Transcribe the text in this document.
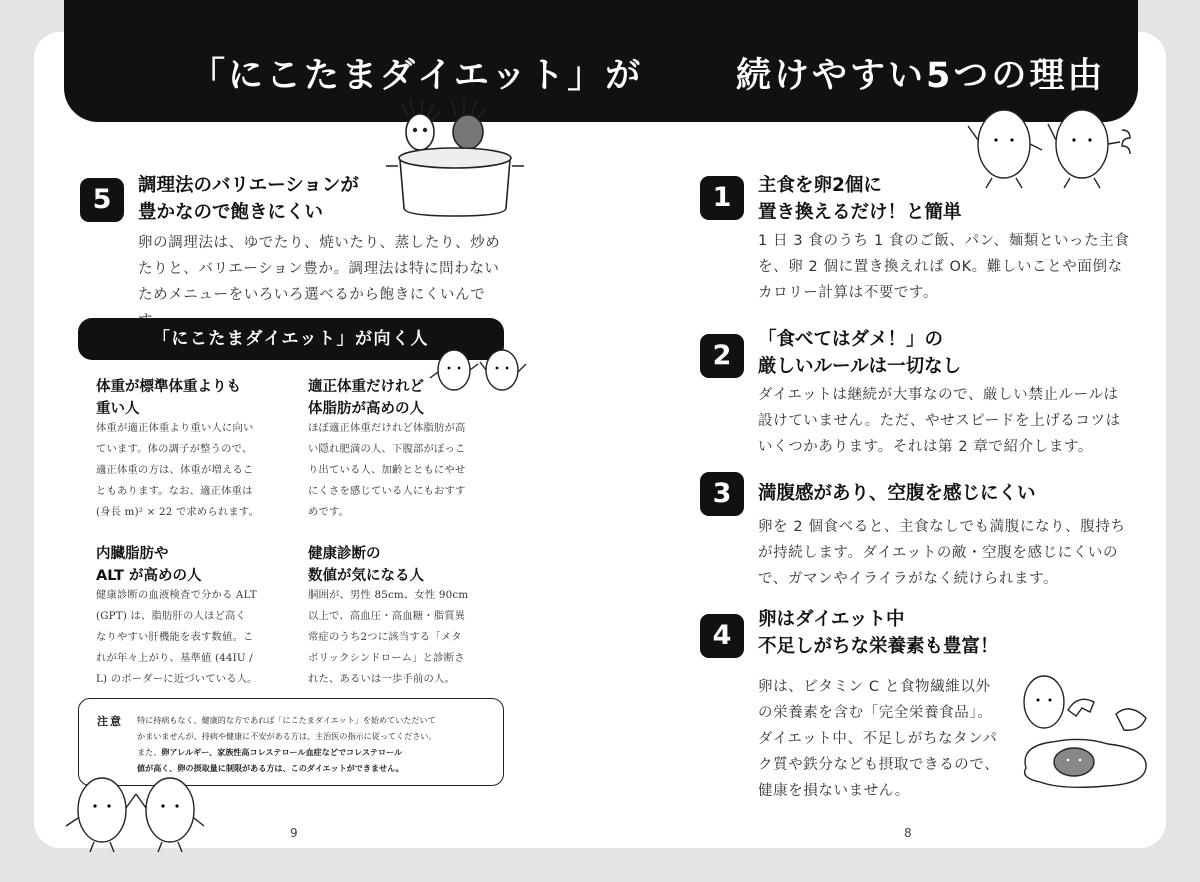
「にこたまダイエット」が	続けやすい5つの理由
5	調理法のバリエーションが
豊かなので飽きにくい
卵の調理法は、ゆでたり、焼いたり、蒸したり、炒め
たりと、バリエーション豊か。調理法は特に問わない
ためメニューをいろいろ選べるから飽きにくいんで
「にこたまダイエット」が向く人
体重が標準体重よりも
重い人
体重が適正体重より重い人に向い
ています。体の調子が整うので、
適正体重の方は、体重が増えるこ
ともあります。なお、適正体重は
(身長 m)² × 22 で求められます。
適正体重だけれど
体脂肪が高めの人
ほぼ適正体重だけれど体脂肪が高
い隠れ肥満の人、下腹部がぽっこ
り出ている人、加齢とともにやせ
にくさを感じている人にもおすす
めです。
内臓脂肪や
ALT が高めの人
健康診断の血液検査で分かる ALT
(GPT) は、脂肪肝の人ほど高く
なりやすい肝機能を表す数値。こ
れが年々上がり、基準値 (44IU /
L) のボーダーに近づいている人。
健康診断の
数値が気になる人
胴囲が、男性 85cm、女性 90cm
以上で、高血圧・高血糖・脂質異
常症のうち2つに該当する「メタ
ボリックシンドローム」と診断さ
れた、あるいは一歩手前の人。
注意 特に持病もなく、健康的な方であれば「にこたまダイエット」を始めていただいて
かまいませんが、持病や健康に不安がある方は、主治医の指示に従ってください。
また、卵アレルギー、家族性高コレステロール血症などでコレステロール
値が高く、卵の摂取量に制限がある方は、このダイエットができません。
1	主食を卵2個に
置き換えるだけ！と簡単
1 日 3 食のうち 1 食のご飯、パン、麺類といった主食
を、卵 2 個に置き換えれば OK。難しいことや面倒な
カロリー計算は不要です。
2
「食べてはダメ！」の
厳しいルールは一切なし
ダイエットは継続が大事なので、厳しい禁止ルールは
設けていません。ただ、やせスピードを上げるコツは
いくつかあります。それは第 2 章で紹介します。
3	満腹感があり、空腹を感じにくい
卵を 2 個食べると、主食なしでも満腹になり、腹持ち
が持続します。ダイエットの敵・空腹を感じにくいの
で、ガマンやイライラがなく続けられます。
4
卵はダイエット中
不足しがちな栄養素も豊富！
卵は、ビタミン C と食物繊維以外
の栄養素を含む「完全栄養食品」。
ダイエット中、不足しがちなタンパ
ク質や鉄分なども摂取できるので、
健康を損ないません。
9	8
